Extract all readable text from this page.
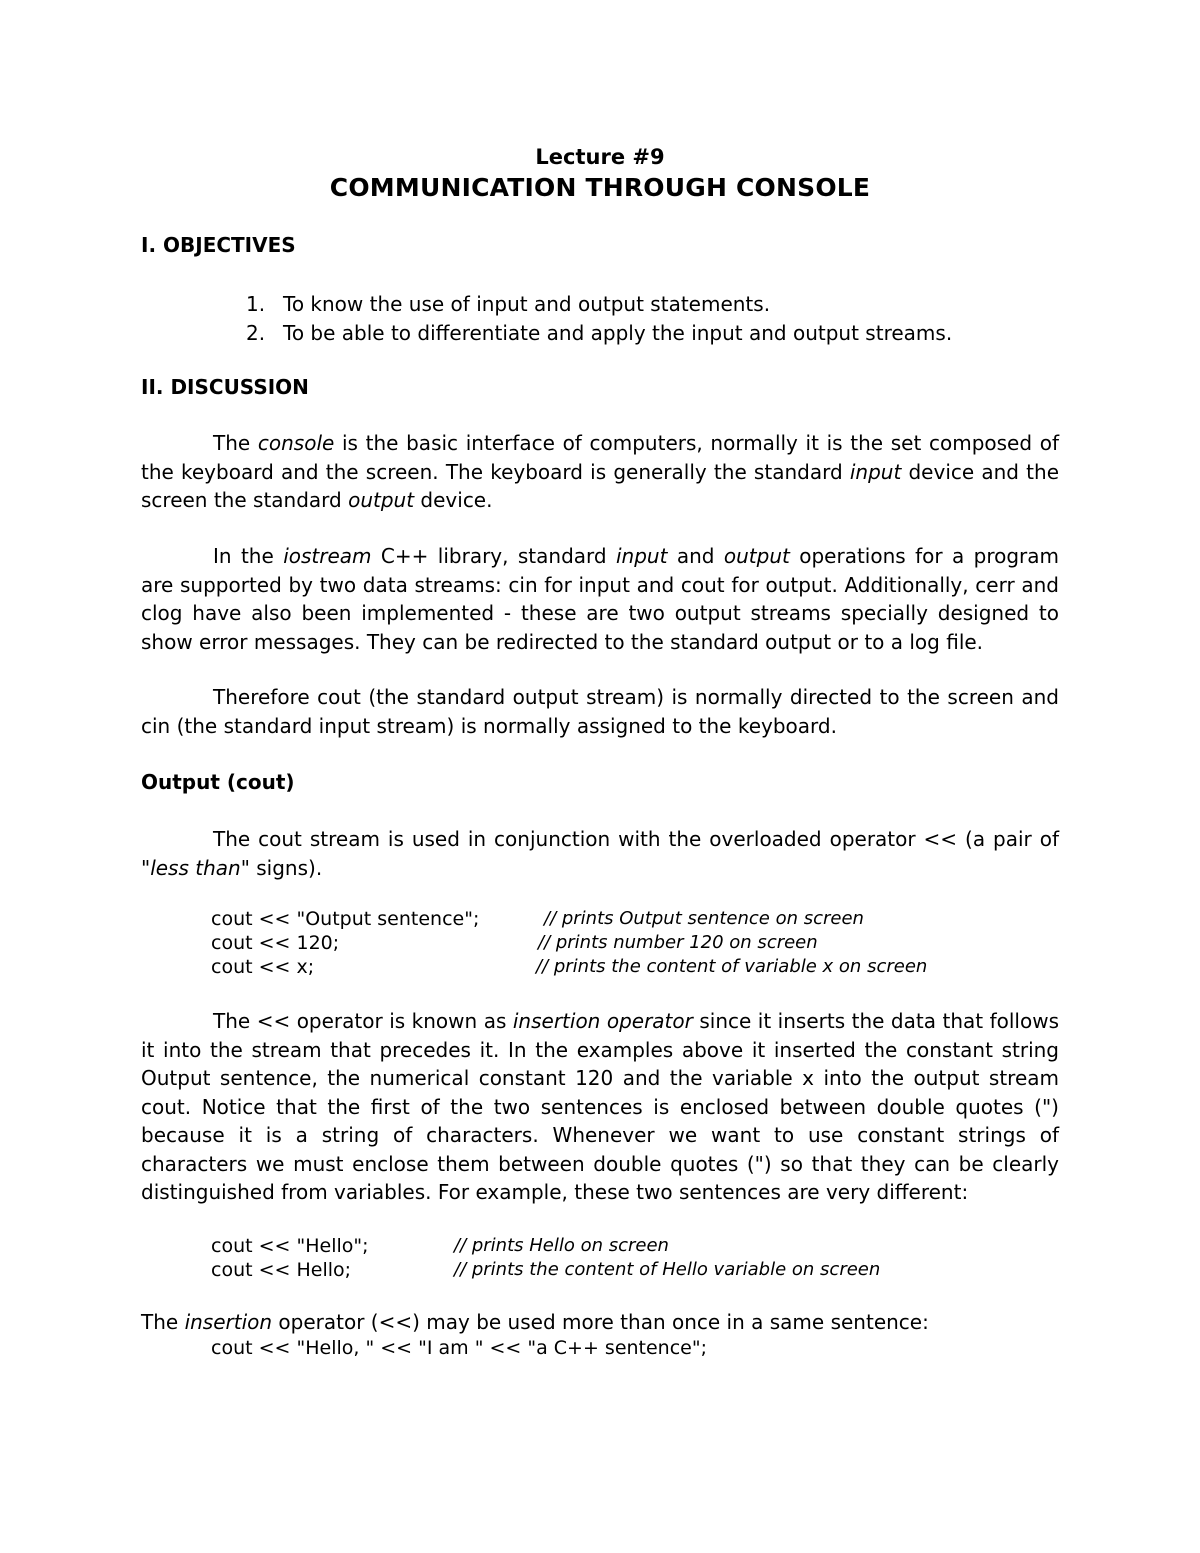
Lecture #9
COMMUNICATION THROUGH CONSOLE
I. OBJECTIVES
1. To know the use of input and output statements.
2. To be able to differentiate and apply the input and output streams.
II. DISCUSSION
The console is the basic interface of computers, normally it is the set composed of the keyboard and the screen. The keyboard is generally the standard input device and the screen the standard output device.
In the iostream C++ library, standard input and output operations for a program are supported by two data streams: cin for input and cout for output. Additionally, cerr and clog have also been implemented - these are two output streams specially designed to show error messages. They can be redirected to the standard output or to a log file.
Therefore cout (the standard output stream) is normally directed to the screen and cin (the standard input stream) is normally assigned to the keyboard.
Output (cout)
The cout stream is used in conjunction with the overloaded operator << (a pair of "less than" signs).
cout << "Output sentence";	// prints Output sentence on screen
cout << 120;	// prints number 120 on screen
cout << x;	// prints the content of variable x on screen
The << operator is known as insertion operator since it inserts the data that follows it into the stream that precedes it. In the examples above it inserted the constant string Output sentence, the numerical constant 120 and the variable x into the output stream cout. Notice that the first of the two sentences is enclosed between double quotes (") because it is a string of characters. Whenever we want to use constant strings of characters we must enclose them between double quotes (") so that they can be clearly distinguished from variables. For example, these two sentences are very different:
cout << "Hello";	// prints Hello on screen
cout << Hello;	// prints the content of Hello variable on screen
The insertion operator (<<) may be used more than once in a same sentence:
cout << "Hello, " << "I am " << "a C++ sentence";
